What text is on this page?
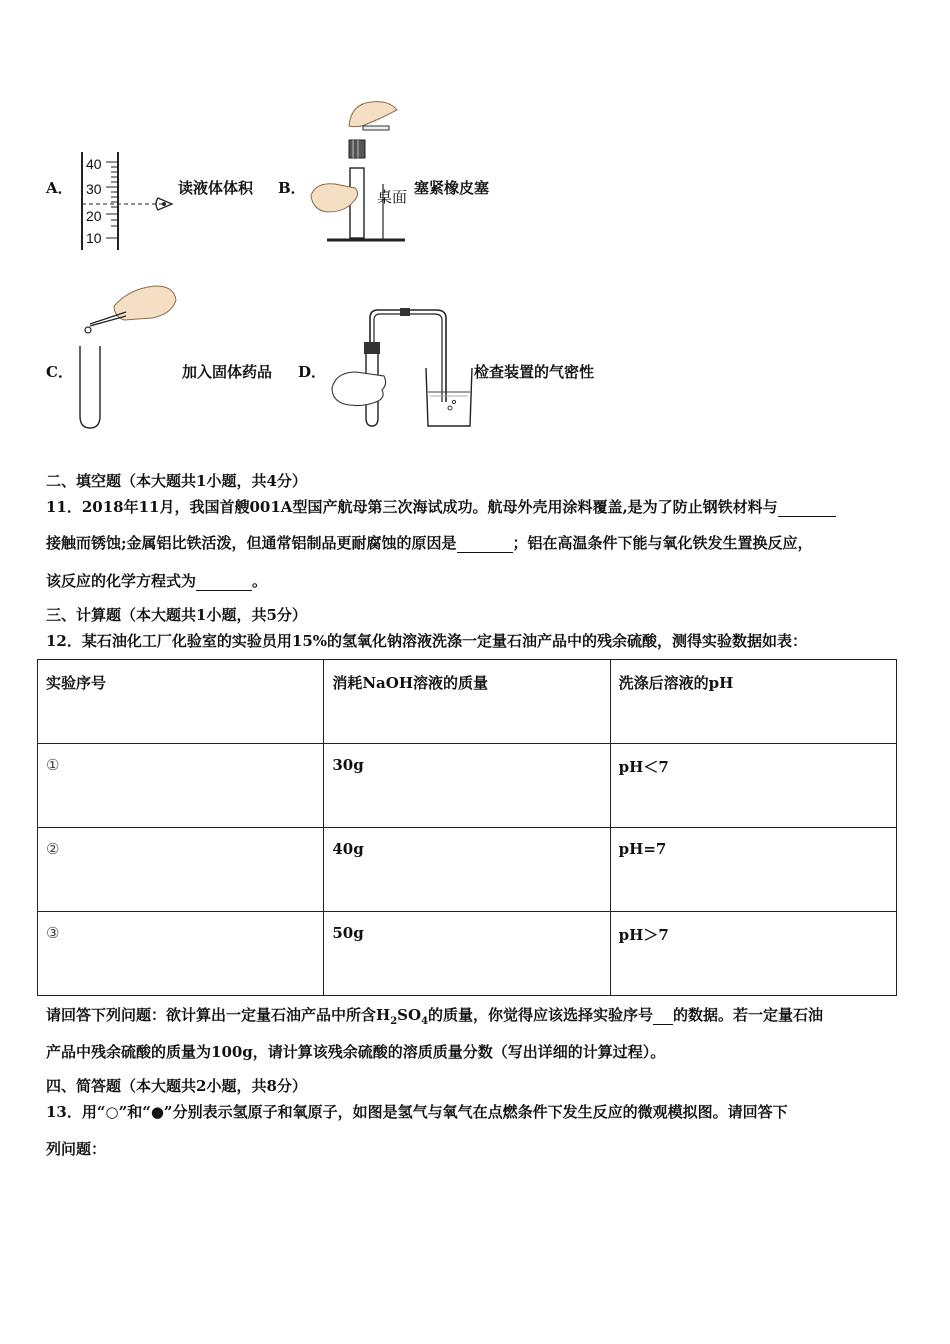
A．
40
30
20
10
读液体体积 B．	桌面 塞紧橡皮塞
C．	加入固体药品 D．	检查装置的气密性
二、填空题（本大题共1小题，共4分）
11．2018年11月，我国首艘001A型国产航母第三次海试成功。航母外壳用涂料覆盖,是为了防止钢铁材料与
接触而锈蚀;金属铝比铁活泼，但通常铝制品更耐腐蚀的原因是	；铝在高温条件下能与氧化铁发生置换反应，
该反应的化学方程式为	。
三、计算题（本大题共1小题，共5分）
12．某石油化工厂化验室的实验员用15%的氢氧化钠溶液洗涤一定量石油产品中的残余硫酸，测得实验数据如表：
实验序号	消耗NaOH溶液的质量	洗涤后溶液的pH
①	30g	pH＜7
②	40g	pH=7
③	50g	pH＞7
请回答下列问题：欲计算出一定量石油产品中所含$H_2SO_4$的质量，你觉得应该选择实验序号 的数据。若一定量石油
产品中残余硫酸的质量为100g，请计算该残余硫酸的溶质质量分数（写出详细的计算过程）。
四、简答题（本大题共2小题，共8分）
13．用“○”和“●”分别表示氢原子和氧原子，如图是氢气与氧气在点燃条件下发生反应的微观模拟图。请回答下
列问题：
